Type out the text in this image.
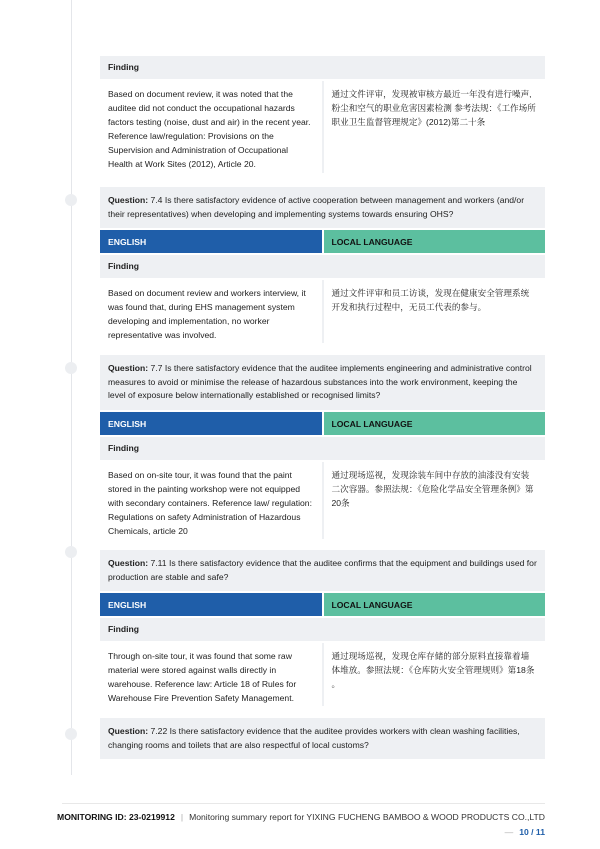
Finding
Based on document review, it was noted that the auditee did not conduct the occupational hazards factors testing (noise, dust and air) in the recent year. Reference law/regulation: Provisions on the Supervision and Administration of Occupational Health at Work Sites (2012), Article 20.
通过文件评审，发现被审核方最近一年没有进行噪声,粉尘和空气的职业危害因素检测 参考法规：《工作场所职业卫生监督管理规定》(2012)第二十条
Question: 7.4 Is there satisfactory evidence of active cooperation between management and workers (and/or their representatives) when developing and implementing systems towards ensuring OHS?
ENGLISH	LOCAL LANGUAGE
Finding
Based on document review and workers interview, it was found that, during EHS management system developing and implementation, no worker representative was involved.
通过文件评审和员工访谈，发现在健康安全管理系统开发和执行过程中，无员工代表的参与。
Question: 7.7 Is there satisfactory evidence that the auditee implements engineering and administrative control measures to avoid or minimise the release of hazardous substances into the work environment, keeping the level of exposure below internationally established or recognised limits?
ENGLISH	LOCAL LANGUAGE
Finding
Based on on-site tour, it was found that the paint stored in the painting workshop were not equipped with secondary containers. Reference law/ regulation: Regulations on safety Administration of Hazardous Chemicals, article 20
通过现场巡视，发现涂装车间中存放的油漆没有安装二次容器。参照法规：《危险化学品安全管理条例》第20条
Question: 7.11 Is there satisfactory evidence that the auditee confirms that the equipment and buildings used for production are stable and safe?
ENGLISH	LOCAL LANGUAGE
Finding
Through on-site tour, it was found that some raw material were stored against walls directly in warehouse. Reference law: Article 18 of Rules for Warehouse Fire Prevention Safety Management.
通过现场巡视，发现仓库存储的部分原料直接靠着墙体堆放。参照法规：《仓库防火安全管理规则》第18条 。
Question: 7.22 Is there satisfactory evidence that the auditee provides workers with clean washing facilities, changing rooms and toilets that are also respectful of local customs?
MONITORING ID: 23-0219912 | Monitoring summary report for YIXING FUCHENG BAMBOO & WOOD PRODUCTS CO.,LTD — 10 / 11
